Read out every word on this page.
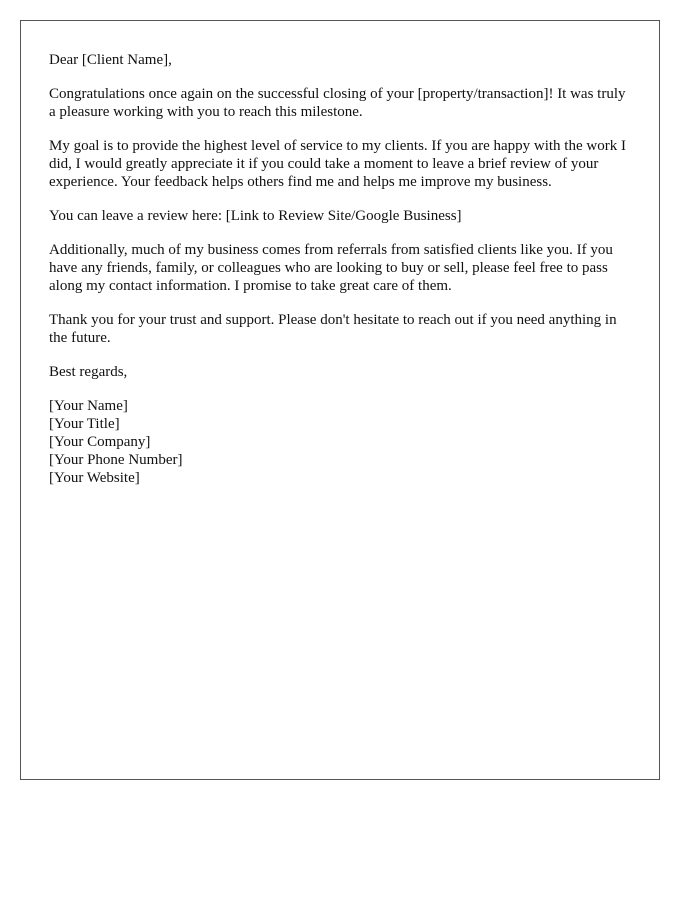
Dear [Client Name],

Congratulations once again on the successful closing of your [property/transaction]! It was truly a pleasure working with you to reach this milestone.

My goal is to provide the highest level of service to my clients. If you are happy with the work I did, I would greatly appreciate it if you could take a moment to leave a brief review of your experience. Your feedback helps others find me and helps me improve my business.

You can leave a review here: [Link to Review Site/Google Business]

Additionally, much of my business comes from referrals from satisfied clients like you. If you have any friends, family, or colleagues who are looking to buy or sell, please feel free to pass along my contact information. I promise to take great care of them.

Thank you for your trust and support. Please don't hesitate to reach out if you need anything in the future.

Best regards,

[Your Name]
[Your Title]
[Your Company]
[Your Phone Number]
[Your Website]
